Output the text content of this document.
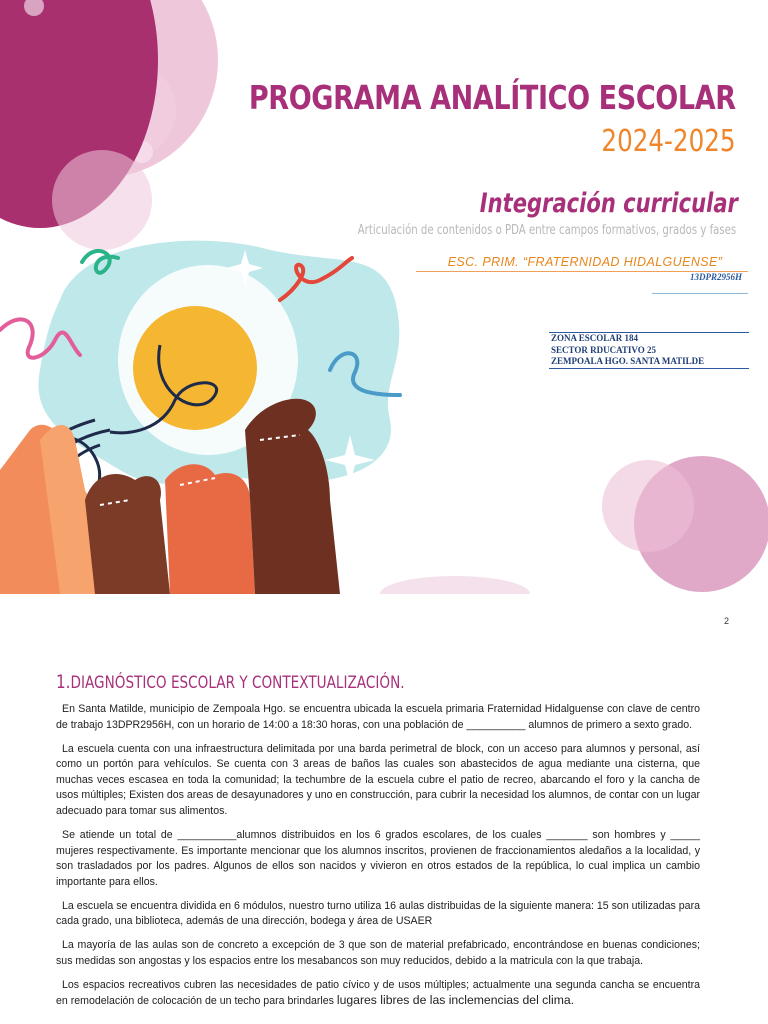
PROGRAMA ANALÍTICO ESCOLAR
2024-2025
Integración curricular
Articulación de contenidos o PDA entre campos formativos, grados y fases
ESC. PRIM. “FRATERNIDAD HIDALGUENSE”
13DPR2956H
ZONA ESCOLAR 184
SECTOR RDUCATIVO 25
ZEMPOALA HGO. SANTA MATILDE
2
1.DIAGNÓSTICO ESCOLAR Y CONTEXTUALIZACIÓN.

En Santa Matilde, municipio de Zempoala Hgo. se encuentra ubicada la escuela primaria Fraternidad Hidalguense con clave de centro de trabajo 13DPR2956H, con un horario de 14:00 a 18:30 horas, con una población de __________ alumnos de primero a sexto grado.

La escuela cuenta con una infraestructura delimitada por una barda perimetral de block, con un acceso para alumnos y personal, así como un portón para vehículos. Se cuenta con 3 areas de baños las cuales son abastecidos de agua mediante una cisterna, que muchas veces escasea en toda la comunidad; la techumbre de la escuela cubre el patio de recreo, abarcando el foro y la cancha de usos múltiples; Existen dos areas de desayunadores y uno en construcción, para cubrir la necesidad los alumnos, de contar con un lugar adecuado para tomar sus alimentos.

Se atiende un total de __________alumnos distribuidos en los 6 grados escolares, de los cuales _______ son hombres y _____ mujeres respectivamente. Es importante mencionar que los alumnos inscritos, provienen de fraccionamientos aledaños a la localidad, y son trasladados por los padres. Algunos de ellos son nacidos y vivieron en otros estados de la república, lo cual implica un cambio importante para ellos.

La escuela se encuentra dividida en 6 módulos, nuestro turno utiliza 16 aulas distribuidas de la siguiente manera: 15 son utilizadas para cada grado, una biblioteca, además de una dirección, bodega y área de USAER

La mayoría de las aulas son de concreto a excepción de 3 que son de material prefabricado, encontrándose en buenas condiciones; sus medidas son angostas y los espacios entre los mesabancos son muy reducidos, debido a la matricula con la que trabaja.

Los espacios recreativos cubren las necesidades de patio cívico y de usos múltiples; actualmente una segunda cancha se encuentra en remodelación de colocación de un techo para brindarles lugares libres de las inclemencias del clima.
